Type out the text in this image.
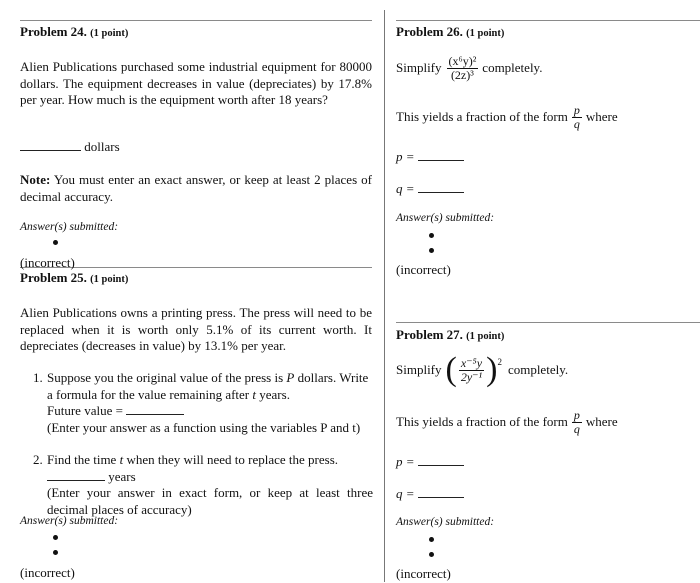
Problem 24. (1 point)
Alien Publications purchased some industrial equipment for 80000 dollars. The equipment decreases in value (depreciates) by 17.8% per year. How much is the equipment worth after 18 years?
dollars
Note: You must enter an exact answer, or keep at least 2 places of decimal accuracy.
Answer(s) submitted:
(incorrect)
Problem 25. (1 point)
Alien Publications owns a printing press. The press will need to be replaced when it is worth only 5.1% of its current worth. It depreciates (decreases in value) by 13.1% per year.
1. Suppose you the original value of the press is P dollars. Write
a formula for the value remaining after t years.
Future value =
(Enter your answer as a function using the variables P and t)
2. Find the time t when they will need to replace the press.
years
(Enter your answer in exact form, or keep at least three decimal places of accuracy)
Answer(s) submitted:
(incorrect)
Problem 26. (1 point)
Simplify $\frac{\text{(x⁶y)²}}{\text{(2z)³}}$ completely.
This yields a fraction of the form $\frac{p}{q}$ where
p =
q =
Answer(s) submitted:
(incorrect)
Problem 27. (1 point)
Simplify ( $\frac{\text{x⁻⁵y}}{\text{2y⁻¹}}$ ) 2 completely.
This yields a fraction of the form $\frac{p}{q}$ where
p =
q =
Answer(s) submitted:
(incorrect)
